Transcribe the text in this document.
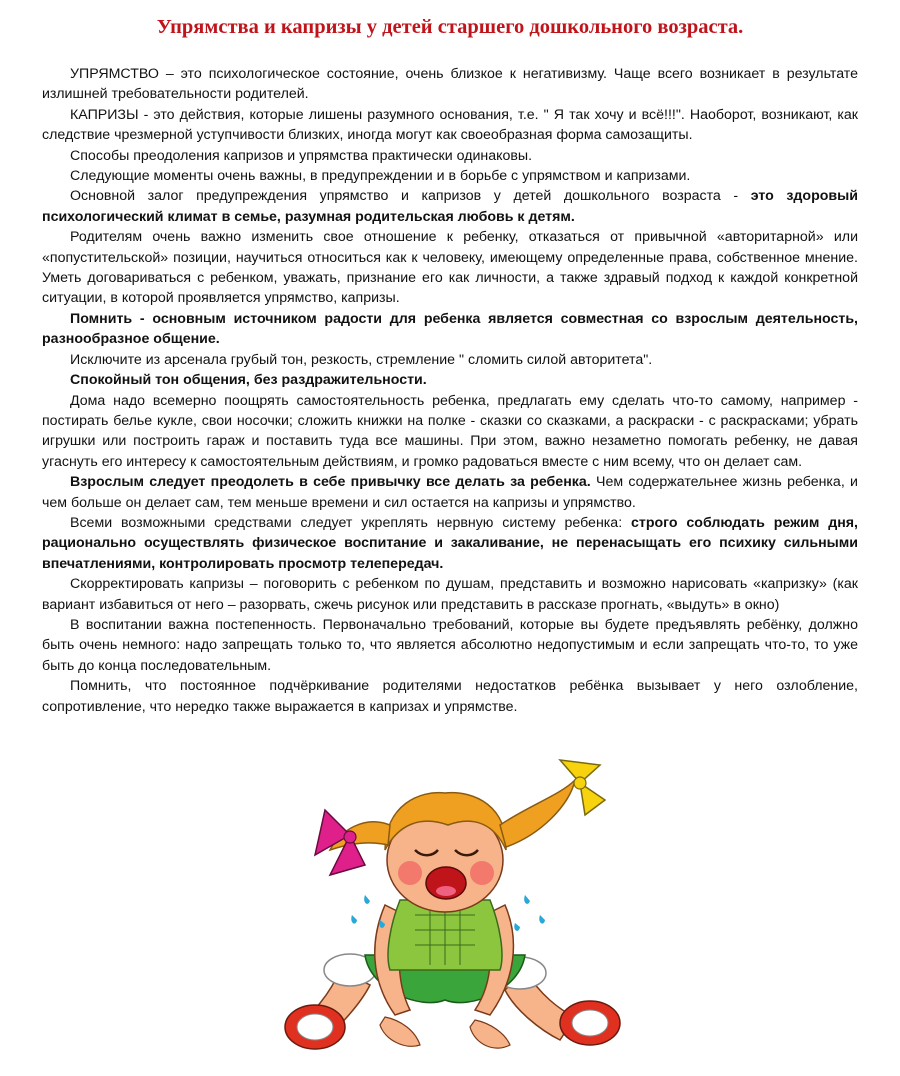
Упрямства и капризы у детей старшего дошкольного возраста.

УПРЯМСТВО – это психологическое состояние, очень близкое к негативизму. Чаще всего возникает в результате излишней требовательности родителей.

КАПРИЗЫ - это действия, которые лишены разумного основания, т.е. " Я так хочу и всё!!!". Наоборот, возникают, как следствие чрезмерной уступчивости близких, иногда могут как своеобразная форма самозащиты.

Способы преодоления капризов и упрямства практически одинаковы.

Следующие моменты очень важны, в предупреждении и в борьбе с упрямством и капризами.

Основной залог предупреждения упрямство и капризов у детей дошкольного возраста - это здоровый психологический климат в семье, разумная родительская любовь к детям.

Родителям очень важно изменить свое отношение к ребенку, отказаться от привычной «авторитарной» или «попустительской» позиции, научиться относиться как к человеку, имеющему определенные права, собственное мнение. Уметь договариваться с ребенком, уважать, признание его как личности, а также здравый подход к каждой конкретной ситуации, в которой проявляется упрямство, капризы.

Помнить - основным источником радости для ребенка является совместная со взрослым деятельность, разнообразное общение.

Исключите из арсенала грубый тон, резкость, стремление " сломить силой авторитета".

Спокойный тон общения, без раздражительности.

Дома надо всемерно поощрять самостоятельность ребенка, предлагать ему сделать что-то самому, например - постирать белье кукле, свои носочки; сложить книжки на полке - сказки со сказками, а раскраски - с раскрасками; убрать игрушки или построить гараж и поставить туда все машины. При этом, важно незаметно помогать ребенку, не давая угаснуть его интересу к самостоятельным действиям, и громко радоваться вместе с ним всему, что он делает сам.

Взрослым следует преодолеть в себе привычку все делать за ребенка. Чем содержательнее жизнь ребенка, и чем больше он делает сам, тем меньше времени и сил остается на капризы и упрямство.

Всеми возможными средствами следует укреплять нервную систему ребенка: строго соблюдать режим дня, рационально осуществлять физическое воспитание и закаливание, не перенасыщать его психику сильными впечатлениями, контролировать просмотр телепередач.

Скорректировать капризы – поговорить с ребенком по душам, представить и возможно нарисовать «капризку» (как вариант избавиться от него – разорвать, сжечь рисунок или представить в рассказе прогнать, «выдуть» в окно)

В воспитании важна постепенность. Первоначально требований, которые вы будете предъявлять ребёнку, должно быть очень немного: надо запрещать только то, что является абсолютно недопустимым и если запрещать что-то, то уже быть до конца последовательным.

Помнить, что постоянное подчёркивание родителями недостатков ребёнка вызывает у него озлобление, сопротивление, что нередко также выражается в капризах и упрямстве.
